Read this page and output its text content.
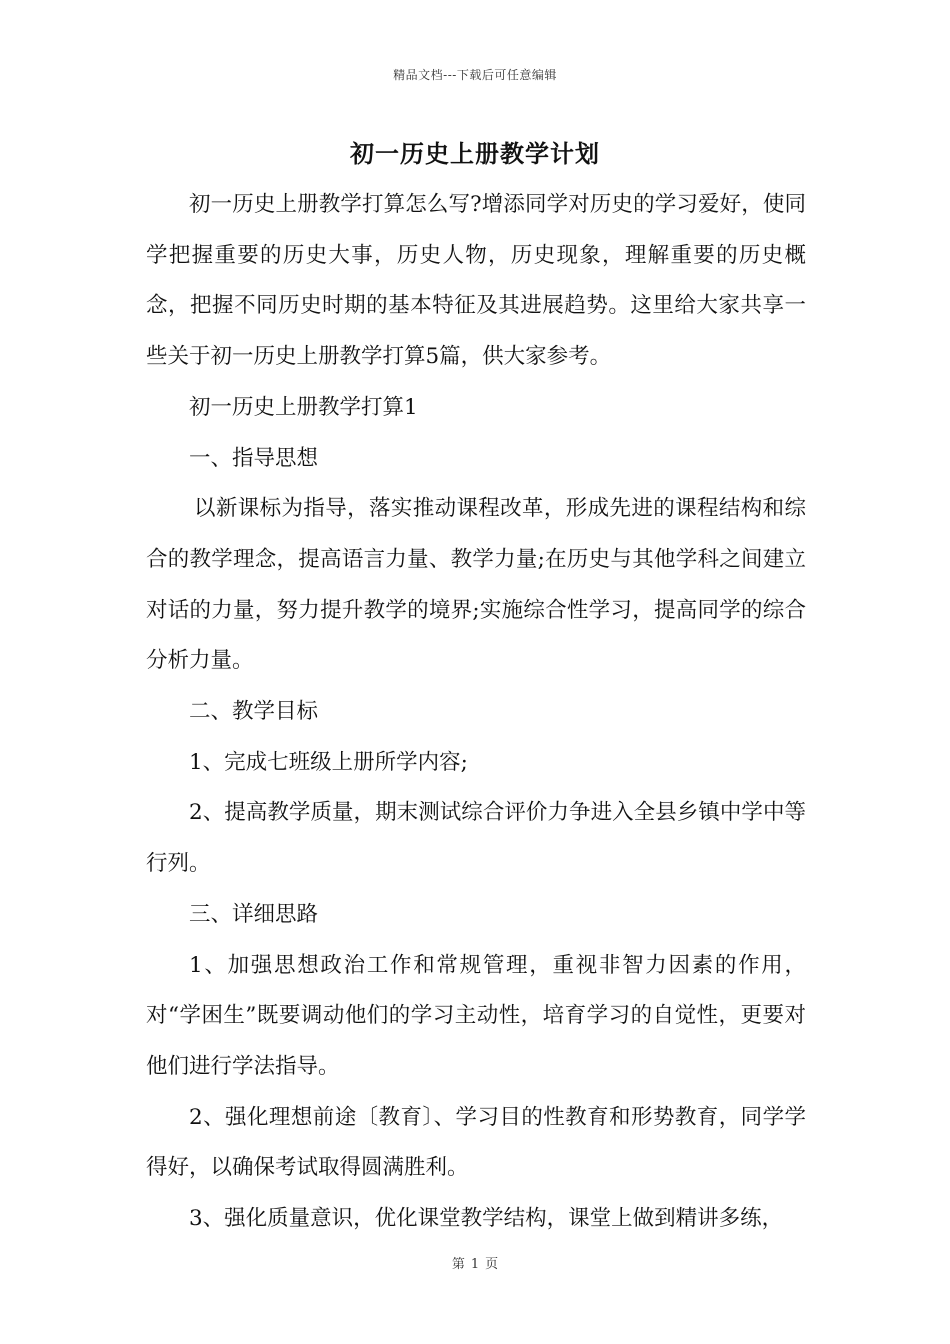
精品文档---下载后可任意编辑
初一历史上册教学计划

初一历史上册教学打算怎么写?增添同学对历史的学习爱好，使同学把握重要的历史大事，历史人物，历史现象，理解重要的历史概念，把握不同历史时期的基本特征及其进展趋势。这里给大家共享一些关于初一历史上册教学打算5篇，供大家参考。

初一历史上册教学打算1

一、指导思想

以新课标为指导，落实推动课程改革，形成先进的课程结构和综合的教学理念，提高语言力量、教学力量;在历史与其他学科之间建立对话的力量，努力提升教学的境界;实施综合性学习，提高同学的综合分析力量。

二、教学目标

1、完成七班级上册所学内容;

2、提高教学质量，期末测试综合评价力争进入全县乡镇中学中等行列。

三、详细思路

1、加强思想政治工作和常规管理，重视非智力因素的作用，对“学困生”既要调动他们的学习主动性，培育学习的自觉性，更要对他们进行学法指导。

2、强化理想前途〔教育〕、学习目的性教育和形势教育，同学学得好，以确保考试取得圆满胜利。

3、强化质量意识，优化课堂教学结构，课堂上做到精讲多练，

第 1 页
